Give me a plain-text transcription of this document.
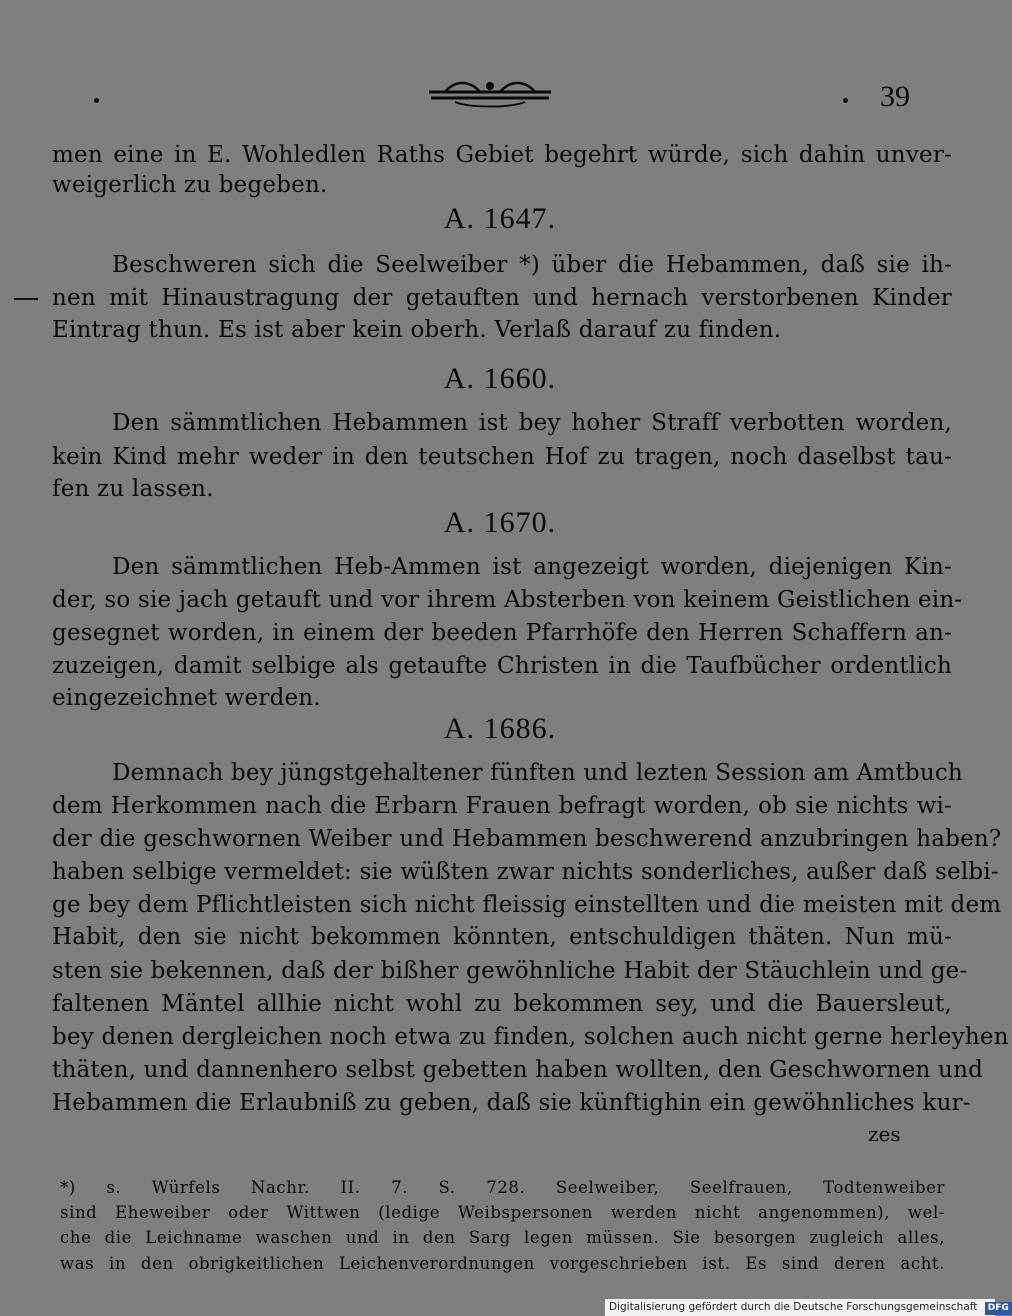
39
men eine in E. Wohledlen Raths Gebiet begehrt würde, sich dahin unver-
weigerlich zu begeben.
A. 1647.
Beschweren sich die Seelweiber *) über die Hebammen, daß sie ih-
nen mit Hinaustragung der getauften und hernach verstorbenen Kinder
Eintrag thun. Es ist aber kein oberh. Verlaß darauf zu finden.
A. 1660.
Den sämmtlichen Hebammen ist bey hoher Straff verbotten worden,
kein Kind mehr weder in den teutschen Hof zu tragen, noch daselbst tau-
fen zu lassen.
A. 1670.
Den sämmtlichen Heb-Ammen ist angezeigt worden, diejenigen Kin-
der, so sie jach getauft und vor ihrem Absterben von keinem Geistlichen ein-
gesegnet worden, in einem der beeden Pfarrhöfe den Herren Schaffern an-
zuzeigen, damit selbige als getaufte Christen in die Taufbücher ordentlich
eingezeichnet werden.
A. 1686.
Demnach bey jüngstgehaltener fünften und lezten Session am Amtbuch
dem Herkommen nach die Erbarn Frauen befragt worden, ob sie nichts wi-
der die geschwornen Weiber und Hebammen beschwerend anzubringen haben?
haben selbige vermeldet: sie wüßten zwar nichts sonderliches, außer daß selbi-
ge bey dem Pflichtleisten sich nicht fleissig einstellten und die meisten mit dem
Habit, den sie nicht bekommen könnten, entschuldigen thäten. Nun mü-
sten sie bekennen, daß der bißher gewöhnliche Habit der Stäuchlein und ge-
faltenen Mäntel allhie nicht wohl zu bekommen sey, und die Bauersleut,
bey denen dergleichen noch etwa zu finden, solchen auch nicht gerne herleyhen
thäten, und dannenhero selbst gebetten haben wollten, den Geschwornen und
Hebammen die Erlaubniß zu geben, daß sie künftighin ein gewöhnliches kur-
zes
*) s. Würfels Nachr. II. 7. S. 728. Seelweiber, Seelfrauen, Todtenweiber
sind Eheweiber oder Wittwen (ledige Weibspersonen werden nicht angenommen), wel-
che die Leichname waschen und in den Sarg legen müssen. Sie besorgen zugleich alles,
was in den obrigkeitlichen Leichenverordnungen vorgeschrieben ist. Es sind deren acht.
Digitalisierung gefördert durch die Deutsche Forschungsgemeinschaft DFG
